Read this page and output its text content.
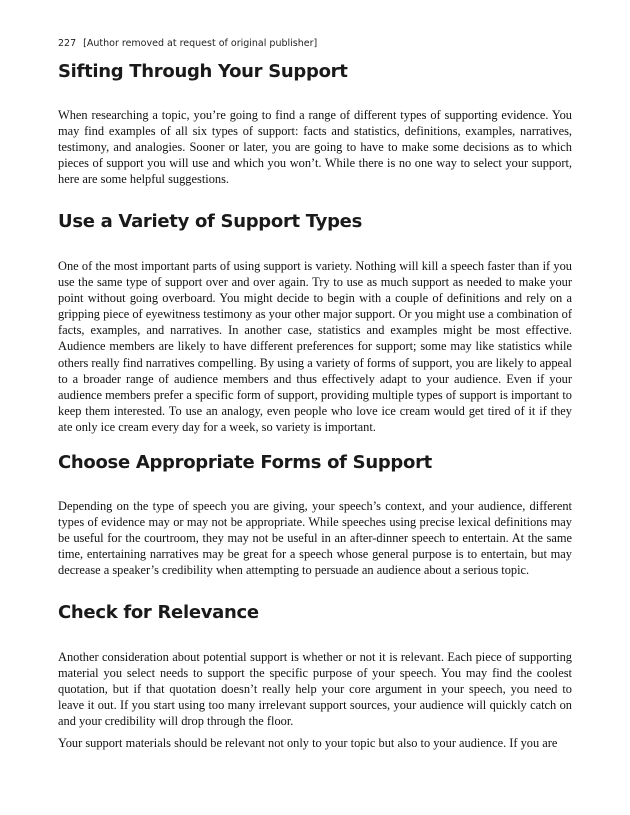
227 [Author removed at request of original publisher]
Sifting Through Your Support

When researching a topic, you’re going to find a range of different types of supporting evidence. You may find examples of all six types of support: facts and statistics, definitions, examples, narratives, testimony, and analogies. Sooner or later, you are going to have to make some decisions as to which pieces of support you will use and which you won’t. While there is no one way to select your support, here are some helpful suggestions.

Use a Variety of Support Types

One of the most important parts of using support is variety. Nothing will kill a speech faster than if you use the same type of support over and over again. Try to use as much support as needed to make your point without going overboard. You might decide to begin with a couple of definitions and rely on a gripping piece of eyewitness testimony as your other major support. Or you might use a combination of facts, examples, and narratives. In another case, statistics and examples might be most effective. Audience members are likely to have different preferences for support; some may like statistics while others really find narratives compelling. By using a variety of forms of support, you are likely to appeal to a broader range of audience members and thus effectively adapt to your audience. Even if your audience members prefer a specific form of support, providing multiple types of support is important to keep them interested. To use an analogy, even people who love ice cream would get tired of it if they ate only ice cream every day for a week, so variety is important.

Choose Appropriate Forms of Support

Depending on the type of speech you are giving, your speech’s context, and your audience, different types of evidence may or may not be appropriate. While speeches using precise lexical definitions may be useful for the courtroom, they may not be useful in an after-dinner speech to entertain. At the same time, entertaining narratives may be great for a speech whose general purpose is to entertain, but may decrease a speaker’s credibility when attempting to persuade an audience about a serious topic.

Check for Relevance

Another consideration about potential support is whether or not it is relevant. Each piece of supporting material you select needs to support the specific purpose of your speech. You may find the coolest quotation, but if that quotation doesn’t really help your core argument in your speech, you need to leave it out. If you start using too many irrelevant support sources, your audience will quickly catch on and your credibility will drop through the floor.

Your support materials should be relevant not only to your topic but also to your audience. If you are
